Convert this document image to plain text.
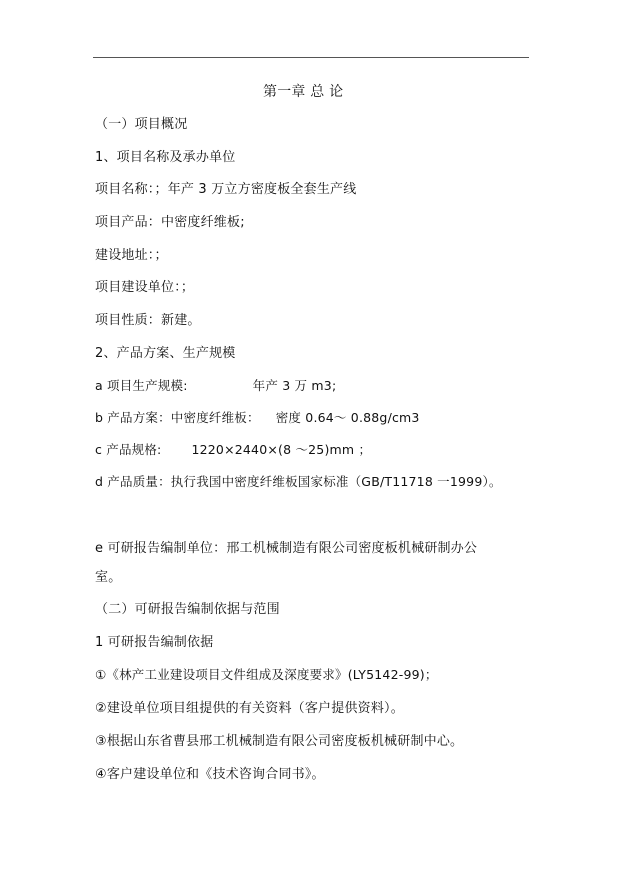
第一章 总 论
（一）项目概况
1、项目名称及承办单位
项目名称：；年产 3 万立方密度板全套生产线
项目产品：中密度纤维板;
建设地址：；
项目建设单位：；
项目性质：新建。
2、产品方案、生产规模
a 项目生产规模:	年产 3 万 m3;
b 产品方案：中密度纤维板： 密度 0.64～ 0.88g/cm3
c 产品规格: 1220×2440×(8 ～25)mm ；
d 产品质量：执行我国中密度纤维板国家标准（GB/T11718 一1999）。
e 可研报告编制单位：邢工机械制造有限公司密度板机械研制办公
室。
（二）可研报告编制依据与范围
1 可研报告编制依据
①《林产工业建设项目文件组成及深度要求》(LY5142-99)；
②建设单位项目组提供的有关资料（客户提供资料）。
③根据山东省曹县邢工机械制造有限公司密度板机械研制中心。
④客户建设单位和《技术咨询合同书》。
